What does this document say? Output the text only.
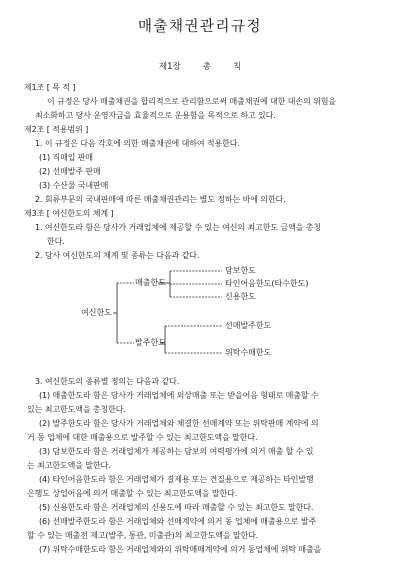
매출채권관리규정
제1장	총	칙
제1조 [ 목 적 ]
이 규정은 당사 매출채권을 합리적으로 관리함으로써 매출채권에 대한 대손의 위험을
최소화하고 당사 운영자금을 효율적으로 운용함을 목적으로 하고 있다.
제2조 [ 적용범위 ]
1. 이 규정은 다음 각호에 의한 매출채권에 대하여 적용한다.
(1) 직매입 판매
(2) 선매발주 판매
(3) 수산물 국내판매
2. 회류부문의 국내판매에 따른 매출채권관리는 별도 정하는 바에 의한다.
제3조 [ 여신한도의 체계 ]
1. 여신한도라 함은 당사가 거래업체에 제공할 수 있는 여신의 최고한도 금액을 총칭
한다.
2. 당사 여신한도의 체계 및 종류는 다음과 같다.
여신한도
매출한도
발주한도
담보한도
타인어음한도(타수한도)
신용한도
선매발주한도
위탁수매한도
3. 여신한도의 종류별 정의는 다음과 같다.
(1) 매출한도라 함은 당사가 거래업체에 외상매출 또는 받을어음 형태로 매출할 수
있는 최고한도액을 총칭한다.
(2) 발주한도라 함은 당사가 거래업체와 체결한 선매계약 또는 위탁판매 계약에 의
거 동 업체에 대한 매출용으로 발주할 수 있는 최고한도액을 말한다.
(3) 담보한도라 함은 거래업체가 제공하는 담보의 여력평가에 의거 매출 할 수 있
는 최고한도액을 말한다.
(4) 타인어음한도라 함은 거래업체가 결제용 또는 견질용으로 제공하는 타인발행
은행도 상업어음에 의거 매출할 수 있는 최고한도액을 말한다.
(5) 신용한도라 함은 거래업체의 신용도에 따라 매출할 수 있는 최고한도 말한다.
(6) 선매발주한도라 함은 거래업체와 선매계약에 의거 동 업체에 매출용으로 발주
할 수 있는 매출전 재고(발주, 통관, 미출관)의 최고한도액을 말한다.
(7) 위탁수매한도라 함은 거래업체와의 위탁매매계약에 의거 동업체에 위탁 매출을
